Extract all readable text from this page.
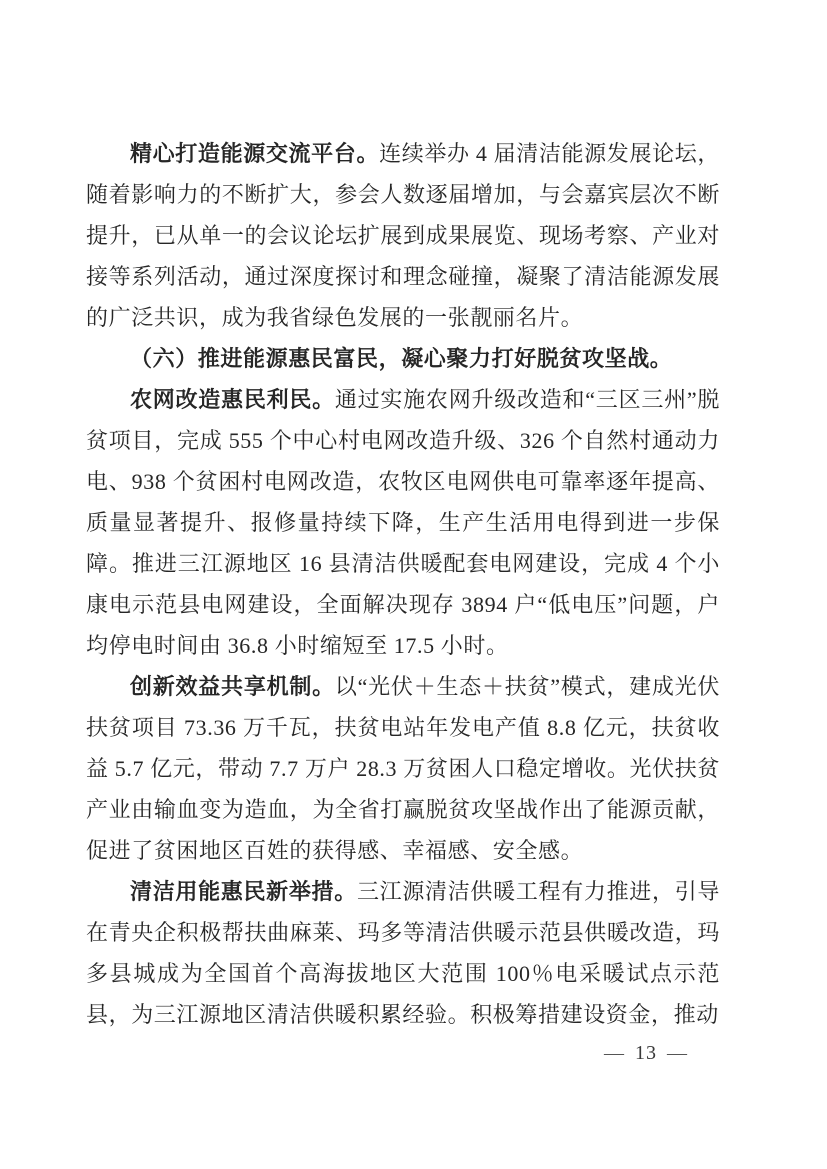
精心打造能源交流平台。连续举办 4 届清洁能源发展论坛，随着影响力的不断扩大，参会人数逐届增加，与会嘉宾层次不断提升，已从单一的会议论坛扩展到成果展览、现场考察、产业对接等系列活动，通过深度探讨和理念碰撞，凝聚了清洁能源发展的广泛共识，成为我省绿色发展的一张靓丽名片。

（六）推进能源惠民富民，凝心聚力打好脱贫攻坚战。

农网改造惠民利民。通过实施农网升级改造和“三区三州”脱贫项目，完成 555 个中心村电网改造升级、326 个自然村通动力电、938 个贫困村电网改造，农牧区电网供电可靠率逐年提高、质量显著提升、报修量持续下降，生产生活用电得到进一步保障。推进三江源地区 16 县清洁供暖配套电网建设，完成 4 个小康电示范县电网建设，全面解决现存 3894 户“低电压”问题，户均停电时间由 36.8 小时缩短至 17.5 小时。

创新效益共享机制。以“光伏＋生态＋扶贫”模式，建成光伏扶贫项目 73.36 万千瓦，扶贫电站年发电产值 8.8 亿元，扶贫收益 5.7 亿元，带动 7.7 万户 28.3 万贫困人口稳定增收。光伏扶贫产业由输血变为造血，为全省打赢脱贫攻坚战作出了能源贡献，促进了贫困地区百姓的获得感、幸福感、安全感。

清洁用能惠民新举措。三江源清洁供暖工程有力推进，引导在青央企积极帮扶曲麻莱、玛多等清洁供暖示范县供暖改造，玛多县城成为全国首个高海拔地区大范围 100％电采暖试点示范县，为三江源地区清洁供暖积累经验。积极筹措建设资金，推动

— 13 —
